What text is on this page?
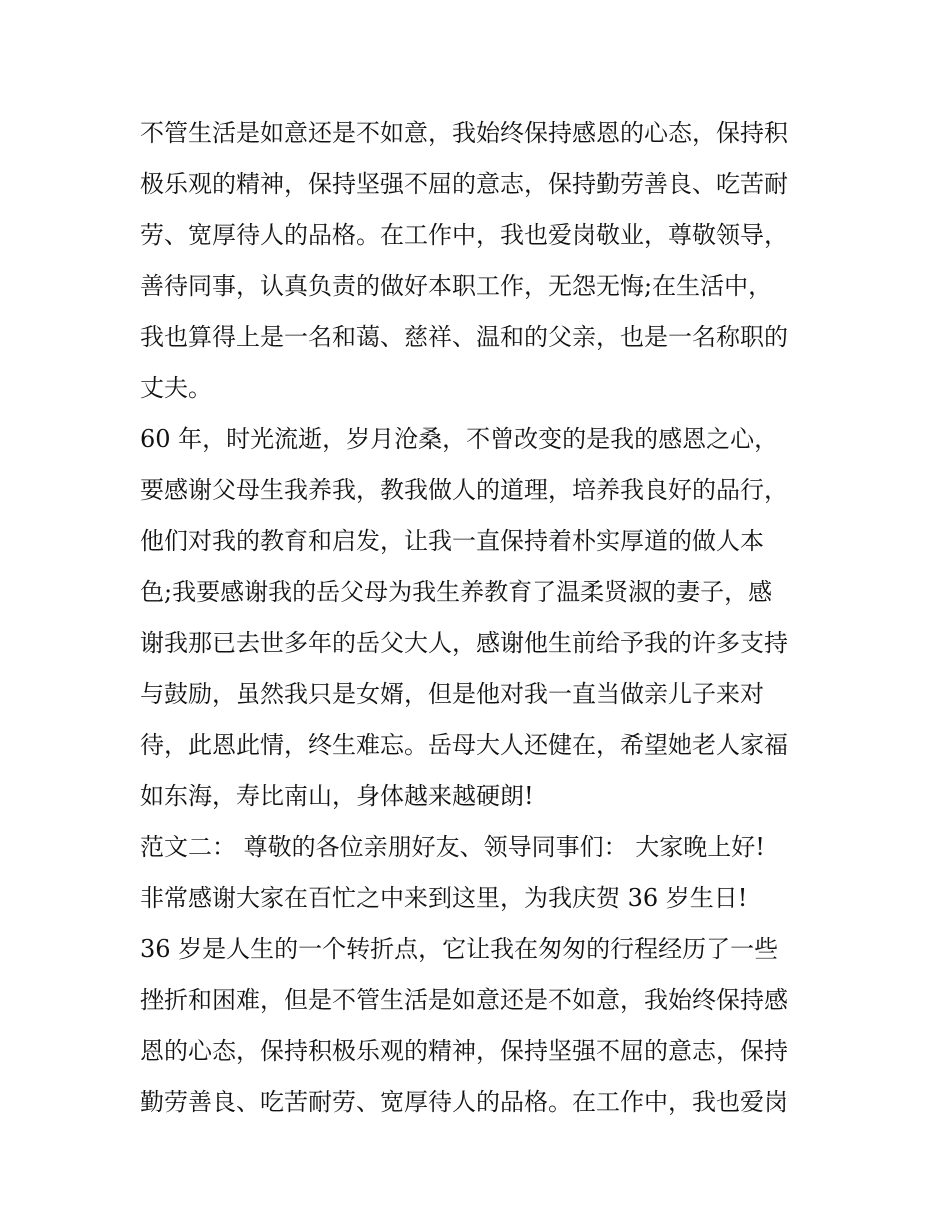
不管生活是如意还是不如意，我始终保持感恩的心态，保持积
极乐观的精神，保持坚强不屈的意志，保持勤劳善良、吃苦耐
劳、宽厚待人的品格。在工作中，我也爱岗敬业，尊敬领导，
善待同事，认真负责的做好本职工作，无怨无悔;在生活中，
我也算得上是一名和蔼、慈祥、温和的父亲，也是一名称职的
丈夫。
60 年，时光流逝，岁月沧桑，不曾改变的是我的感恩之心，
要感谢父母生我养我，教我做人的道理，培养我良好的品行，
他们对我的教育和启发，让我一直保持着朴实厚道的做人本
色;我要感谢我的岳父母为我生养教育了温柔贤淑的妻子，感
谢我那已去世多年的岳父大人，感谢他生前给予我的许多支持
与鼓励，虽然我只是女婿，但是他对我一直当做亲儿子来对
待，此恩此情，终生难忘。岳母大人还健在，希望她老人家福
如东海，寿比南山，身体越来越硬朗!
范文二： 尊敬的各位亲朋好友、领导同事们： 大家晚上好!
非常感谢大家在百忙之中来到这里，为我庆贺 36 岁生日!
36 岁是人生的一个转折点，它让我在匆匆的行程经历了一些
挫折和困难，但是不管生活是如意还是不如意，我始终保持感
恩的心态，保持积极乐观的精神，保持坚强不屈的意志，保持
勤劳善良、吃苦耐劳、宽厚待人的品格。在工作中，我也爱岗
